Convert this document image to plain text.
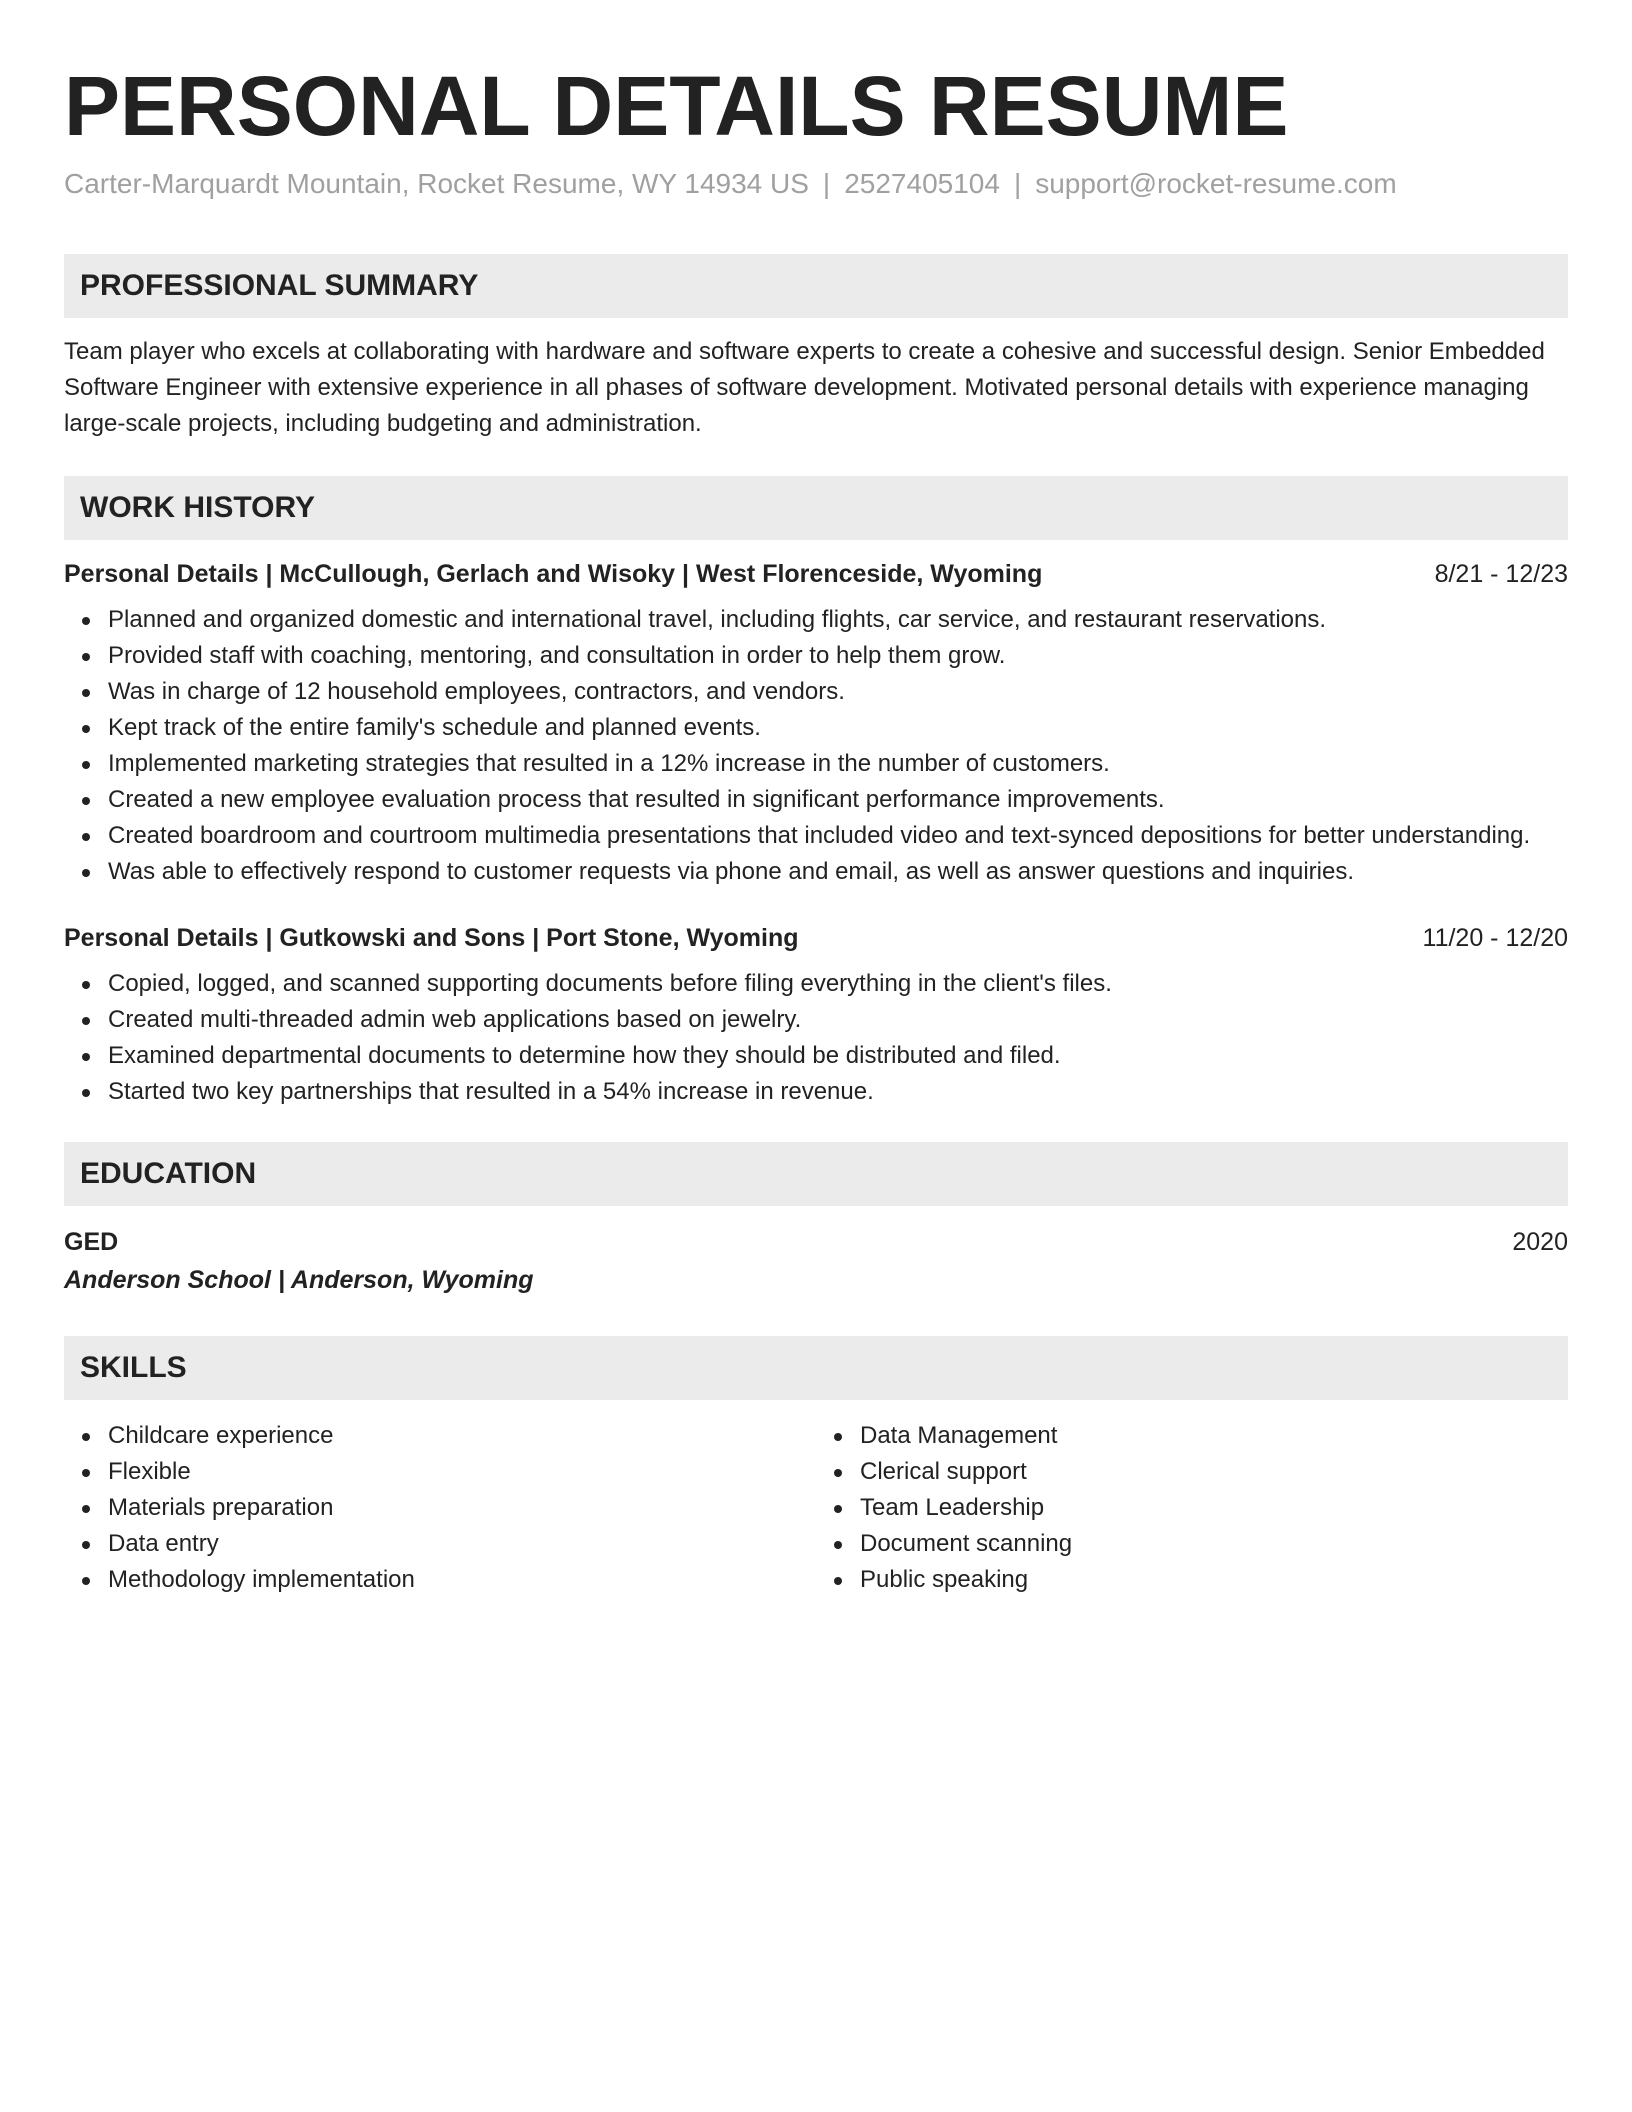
PERSONAL DETAILS RESUME
Carter-Marquardt Mountain, Rocket Resume, WY 14934 US | 2527405104 | support@rocket-resume.com
PROFESSIONAL SUMMARY
Team player who excels at collaborating with hardware and software experts to create a cohesive and successful design. Senior Embedded Software Engineer with extensive experience in all phases of software development. Motivated personal details with experience managing large-scale projects, including budgeting and administration.
WORK HISTORY
Personal Details | McCullough, Gerlach and Wisoky | West Florenceside, Wyoming	8/21 - 12/23
Planned and organized domestic and international travel, including flights, car service, and restaurant reservations.
Provided staff with coaching, mentoring, and consultation in order to help them grow.
Was in charge of 12 household employees, contractors, and vendors.
Kept track of the entire family's schedule and planned events.
Implemented marketing strategies that resulted in a 12% increase in the number of customers.
Created a new employee evaluation process that resulted in significant performance improvements.
Created boardroom and courtroom multimedia presentations that included video and text-synced depositions for better understanding.
Was able to effectively respond to customer requests via phone and email, as well as answer questions and inquiries.
Personal Details | Gutkowski and Sons | Port Stone, Wyoming	11/20 - 12/20
Copied, logged, and scanned supporting documents before filing everything in the client's files.
Created multi-threaded admin web applications based on jewelry.
Examined departmental documents to determine how they should be distributed and filed.
Started two key partnerships that resulted in a 54% increase in revenue.
EDUCATION
GED	2020
Anderson School | Anderson, Wyoming
SKILLS
Childcare experience
Flexible
Materials preparation
Data entry
Methodology implementation
Data Management
Clerical support
Team Leadership
Document scanning
Public speaking
